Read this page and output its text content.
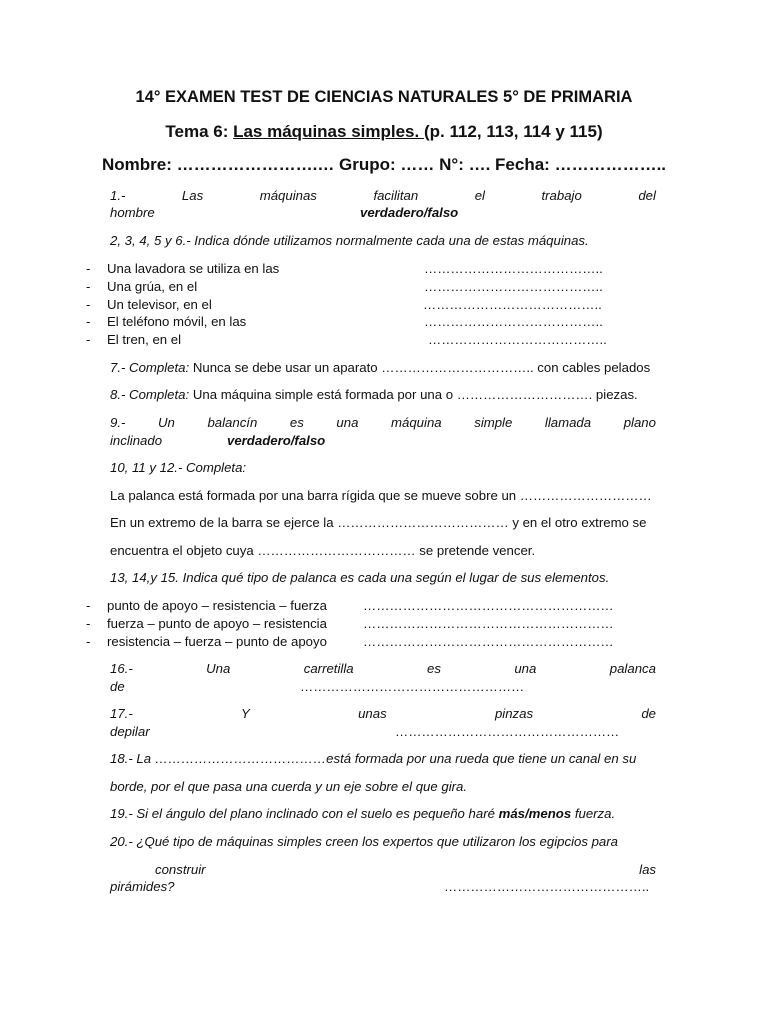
14° EXAMEN TEST DE CIENCIAS NATURALES 5° DE PRIMARIA
Tema 6: Las máquinas simples. (p. 112, 113, 114 y 115)
Nombre: …………………….… Grupo: …… N°: …. Fecha: ………………..
1.-	Las	máquinas	facilitan	el	trabajo	del
hombre	verdadero/falso
2, 3, 4, 5 y 6.- Indica dónde utilizamos normalmente cada una de estas máquinas.
- Una lavadora se utiliza en las	…………………………………..
- Una grúa, en el	…………………………………..
- Un televisor, en el	…………………………………..
- El teléfono móvil, en las	…………………………………..
- El tren, en el	…………………………………..
7.- Completa: Nunca se debe usar un aparato …………………………….. con cables pelados
8.- Completa: Una máquina simple está formada por una o …………………………. piezas.
9.- Un balancín es una máquina simple llamada plano
inclinado	verdadero/falso
10, 11 y 12.- Completa:
La palanca está formada por una barra rígida que se mueve sobre un …………………………
En un extremo de la barra se ejerce la ………………………………… y en el otro extremo se
encuentra el objeto cuya ……………………………… se pretende vencer.
13, 14,y 15. Indica qué tipo de palanca es cada una según el lugar de sus elementos.
- punto de apoyo – resistencia – fuerza	…………………………………………………
- fuerza – punto de apoyo – resistencia	…………………………………………………
- resistencia – fuerza – punto de apoyo	…………………………………………………
16.-	Una	carretilla	es	una	palanca
de	……………………………………………
17.-	Y	unas	pinzas	de
depilar	……………………………………………
18.- La …………………………………está formada por una rueda que tiene un canal en su
borde, por el que pasa una cuerda y un eje sobre el que gira.
19.- Si el ángulo del plano inclinado con el suelo es pequeño haré más/menos fuerza.
20.- ¿Qué tipo de máquinas simples creen los expertos que utilizaron los egipcios para
construir	las
pirámides?	………………………………………..
